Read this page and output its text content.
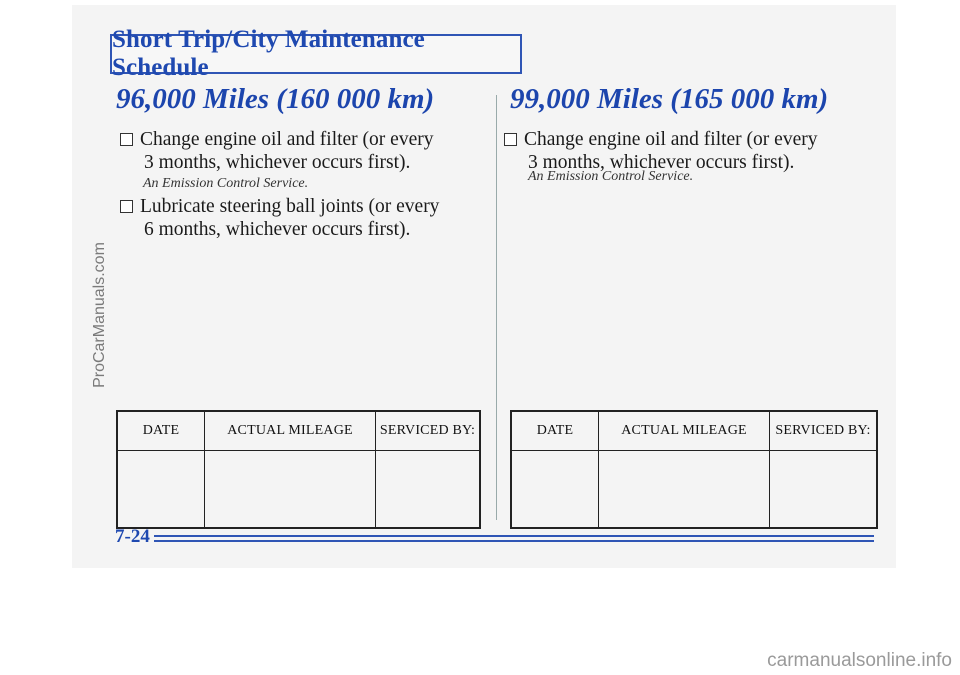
Short Trip/City Maintenance Schedule
96,000 Miles (160 000 km)
Change engine oil and filter (or every
3 months, whichever occurs first).
An Emission Control Service.
Lubricate steering ball joints (or every
6 months, whichever occurs first).
DATE	ACTUAL MILEAGE	SERVICED BY:

99,000 Miles (165 000 km)
Change engine oil and filter (or every
3 months, whichever occurs first).
An Emission Control Service.
DATE	ACTUAL MILEAGE	SERVICED BY:

7-24
ProCarManuals.com
carmanualsonline.info
